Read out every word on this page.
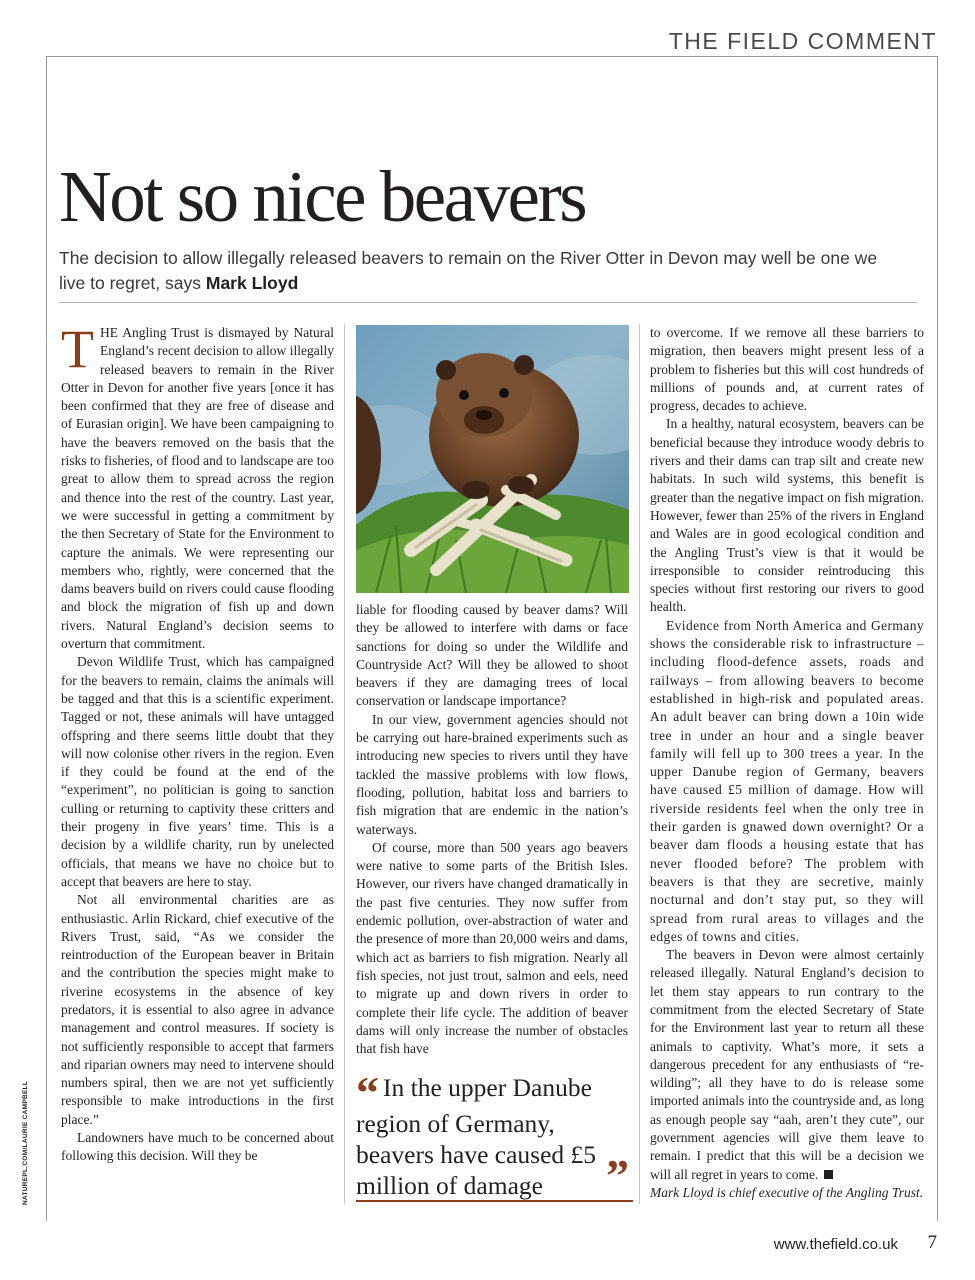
THE FIELD COMMENT
Not so nice beavers

The decision to allow illegally released beavers to remain on the River Otter in Devon may well be one we live to regret, says Mark Lloyd

THE Angling Trust is dismayed by Natural England’s recent decision to allow illegally released beavers to remain in the River Otter in Devon for another five years [once it has been confirmed that they are free of disease and of Eurasian origin]. We have been campaigning to have the beavers removed on the basis that the risks to fisheries, of flood and to landscape are too great to allow them to spread across the region and thence into the rest of the country. Last year, we were successful in getting a commitment by the then Secretary of State for the Environment to capture the animals. We were representing our members who, rightly, were concerned that the dams beavers build on rivers could cause flooding and block the migration of fish up and down rivers. Natural England’s decision seems to overturn that commitment.

Devon Wildlife Trust, which has campaigned for the beavers to remain, claims the animals will be tagged and that this is a scientific experiment. Tagged or not, these animals will have untagged offspring and there seems little doubt that they will now colonise other rivers in the region. Even if they could be found at the end of the “experiment”, no politician is going to sanction culling or returning to captivity these critters and their progeny in five years’ time. This is a decision by a wildlife charity, run by unelected officials, that means we have no choice but to accept that beavers are here to stay.

Not all environmental charities are as enthusiastic. Arlin Rickard, chief executive of the Rivers Trust, said, “As we consider the reintroduction of the European beaver in Britain and the contribution the species might make to riverine ecosystems in the absence of key predators, it is essential to also agree in advance management and control measures. If society is not sufficiently responsible to accept that farmers and riparian owners may need to intervene should numbers spiral, then we are not yet sufficiently responsible to make introductions in the first place.”

Landowners have much to be concerned about following this decision. Will they be

liable for flooding caused by beaver dams? Will they be allowed to interfere with dams or face sanctions for doing so under the Wildlife and Countryside Act? Will they be allowed to shoot beavers if they are damaging trees of local conservation or landscape importance?

In our view, government agencies should not be carrying out hare-brained experiments such as introducing new species to rivers until they have tackled the massive problems with low flows, flooding, pollution, habitat loss and barriers to fish migration that are endemic in the nation’s waterways.

Of course, more than 500 years ago beavers were native to some parts of the British Isles. However, our rivers have changed dramatically in the past five centuries. They now suffer from endemic pollution, over-abstraction of water and the presence of more than 20,000 weirs and dams, which act as barriers to fish migration. Nearly all fish species, not just trout, salmon and eels, need to migrate up and down rivers in order to complete their life cycle. The addition of beaver dams will only increase the number of obstacles that fish have

“ In the upper Danube region of Germany, beavers have caused £5 million of damage	”

to overcome. If we remove all these barriers to migration, then beavers might present less of a problem to fisheries but this will cost hundreds of millions of pounds and, at current rates of progress, decades to achieve.

In a healthy, natural ecosystem, beavers can be beneficial because they introduce woody debris to rivers and their dams can trap silt and create new habitats. In such wild systems, this benefit is greater than the negative impact on fish migration. However, fewer than 25% of the rivers in England and Wales are in good ecological condition and the Angling Trust’s view is that it would be irresponsible to consider reintroducing this species without first restoring our rivers to good health.

Evidence from North America and Germany shows the considerable risk to infrastructure – including flood-defence assets, roads and railways – from allowing beavers to become established in high-risk and populated areas. An adult beaver can bring down a 10in wide tree in under an hour and a single beaver family will fell up to 300 trees a year. In the upper Danube region of Germany, beavers have caused £5 million of damage. How will riverside residents feel when the only tree in their garden is gnawed down overnight? Or a beaver dam floods a housing estate that has never flooded before? The problem with beavers is that they are secretive, mainly nocturnal and don’t stay put, so they will spread from rural areas to villages and the edges of towns and cities.

The beavers in Devon were almost certainly released illegally. Natural England’s decision to let them stay appears to run contrary to the commitment from the elected Secretary of State for the Environment last year to return all these animals to captivity. What’s more, it sets a dangerous precedent for any enthusiasts of “re-wilding”; all they have to do is release some imported animals into the countryside and, as long as enough people say “aah, aren’t they cute”, our government agencies will give them leave to remain. I predict that this will be a decision we will all regret in years to come.

Mark Lloyd is chief executive of the Angling Trust.

NATUREPL.COM/LAURIE CAMPBELL
www.thefield.co.uk 7
